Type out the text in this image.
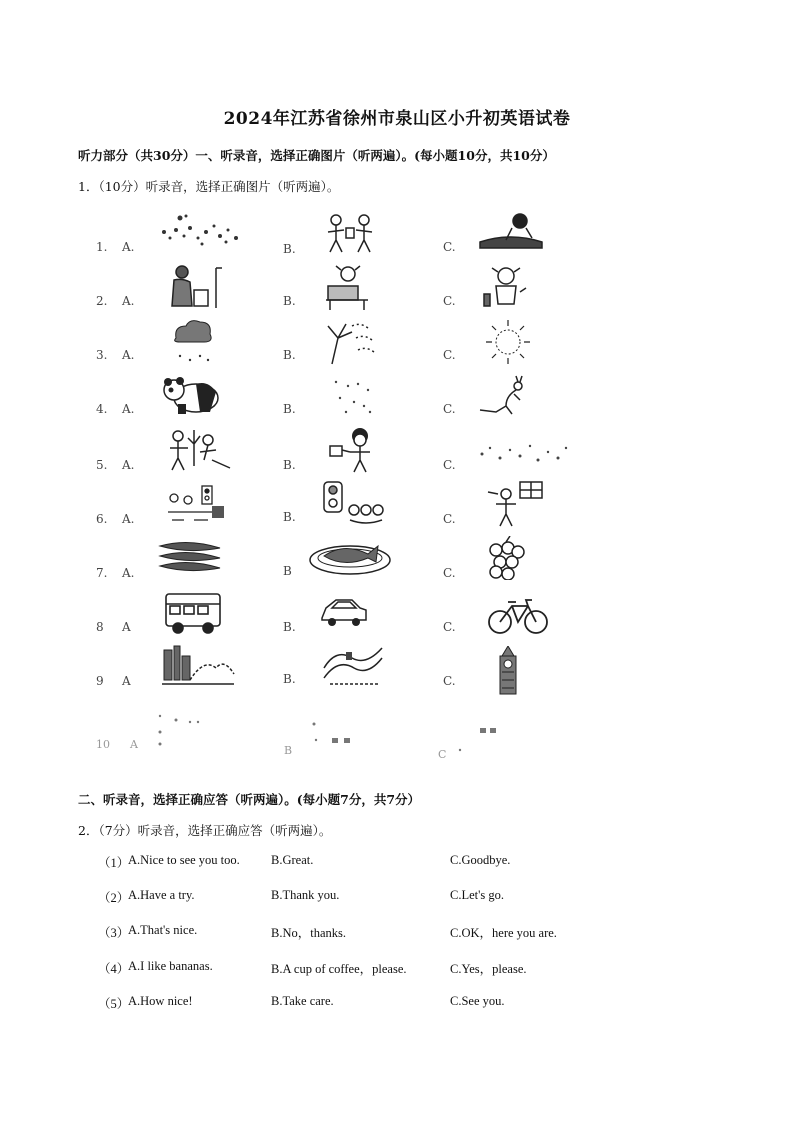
2024年江苏省徐州市泉山区小升初英语试卷
听力部分（共30分）一、听录音，选择正确图片（听两遍）。(每小题10分，共10分）
1．（10分）听录音，选择正确图片（听两遍）。
1. A.	B.	C.
2. A.	B.	C.
3. A.	B.	C.
4. A.	B.	C.
5. A.	B.	C.
6. A.	B.	C.
7. A.	B	C.
8 A	B.	C.
9 A	B.	C.
10 A	B	C
二、听录音，选择正确应答（听两遍）。(每小题7分，共7分）
2．（7分）听录音，选择正确应答（听两遍）。
（1）
A.Nice to see you too. B.Great.	C.Goodbye.
（2）
A.Have a try.	B.Thank you.	C.Let's go.
（3）
A.That's nice.	B.No，thanks.	C.OK，here you are.
（4）
A.I like bananas.	B.A cup of coffee，please.	C.Yes，please.
（5）
A.How nice!	B.Take care.	C.See you.
